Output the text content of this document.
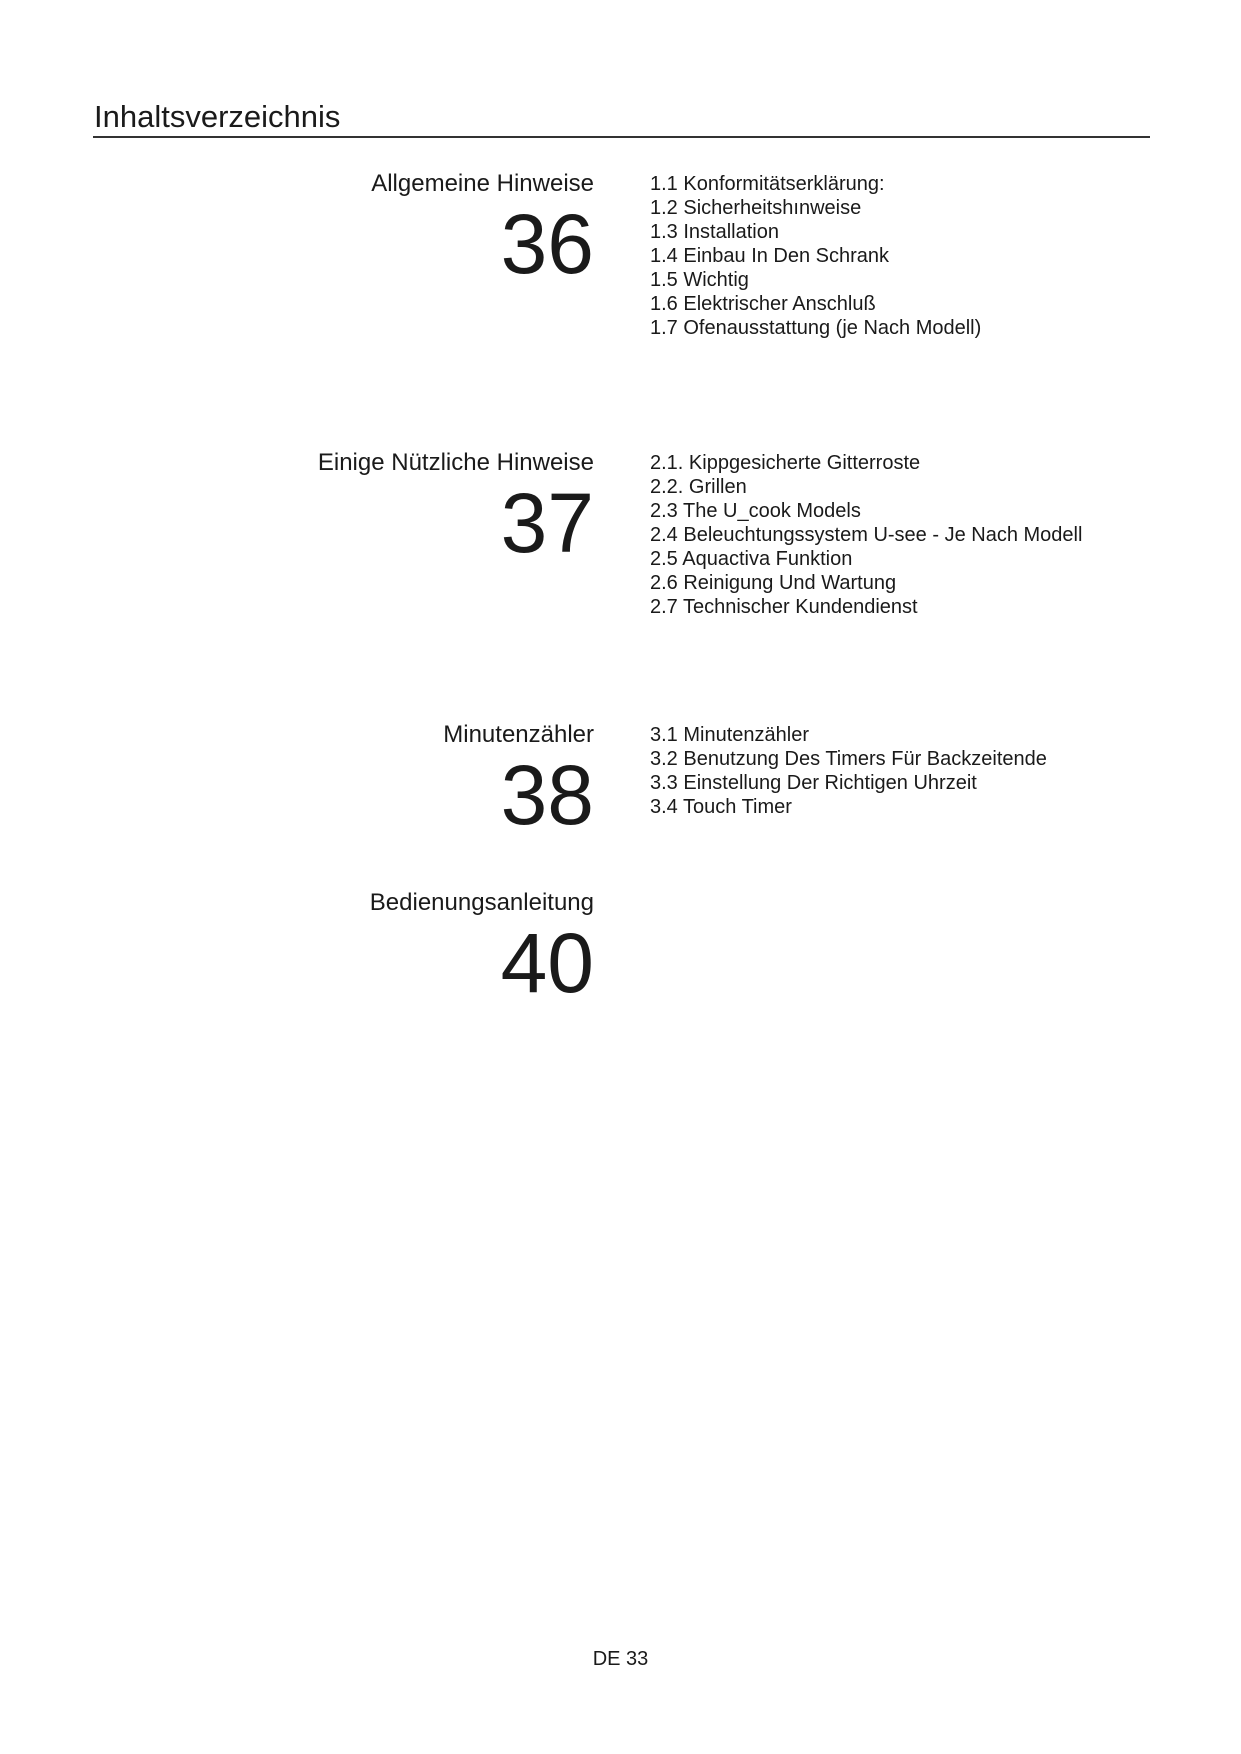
Inhaltsverzeichnis
Allgemeine Hinweise
36
1.1 Konformitätserklärung:
1.2 Sicherheitshınweise
1.3 Installation
1.4 Einbau In Den Schrank
1.5 Wichtig
1.6 Elektrischer Anschluß
1.7 Ofenausstattung (je Nach Modell)
Einige Nützliche Hinweise
37
2.1. Kippgesicherte Gitterroste
2.2. Grillen
2.3 The U_cook Models
2.4 Beleuchtungssystem U-see - Je Nach Modell
2.5 Aquactiva Funktion
2.6 Reinigung Und Wartung
2.7 Technischer Kundendienst
Minutenzähler
38
3.1 Minutenzähler
3.2 Benutzung Des Timers Für Backzeitende
3.3 Einstellung Der Richtigen Uhrzeit
3.4 Touch Timer
Bedienungsanleitung
40
DE 33
